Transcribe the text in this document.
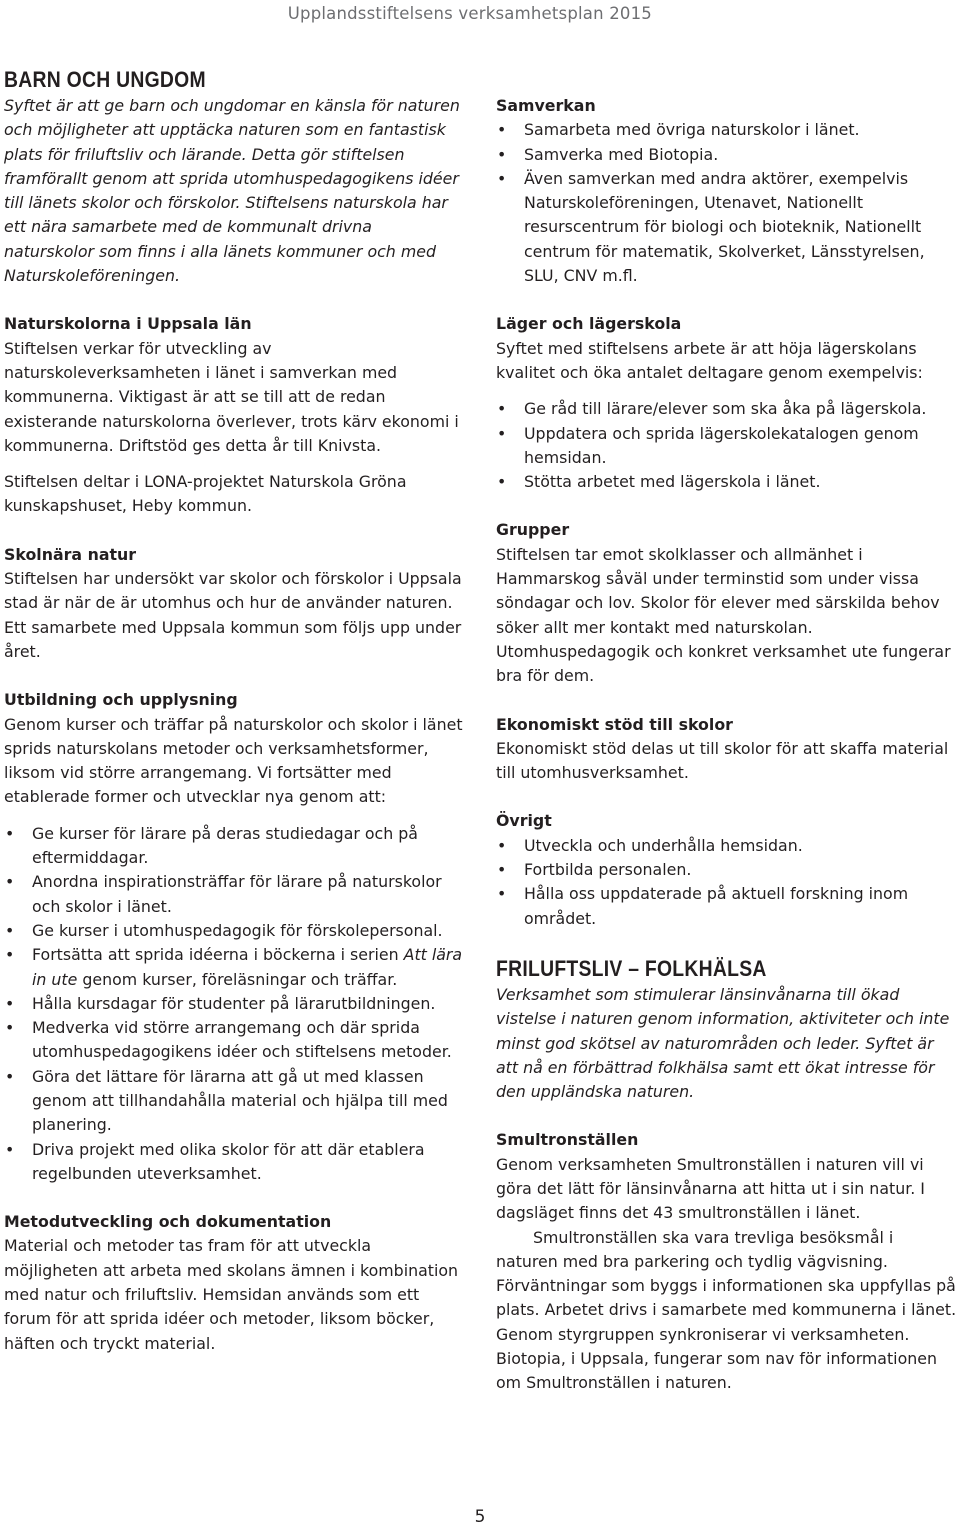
Upplandsstiftelsens verksamhetsplan 2015
BARN OCH UNGDOM

Syftet är att ge barn och ungdomar en känsla för naturen och möjligheter att upptäcka naturen som en fantastisk plats för friluftsliv och lärande. Detta gör stiftelsen framförallt genom att sprida utomhuspedagogikens idéer till länets skolor och förskolor. Stiftelsens naturskola har ett nära samarbete med de kommunalt drivna naturskolor som finns i alla länets kommuner och med Naturskoleföreningen.

Naturskolorna i Uppsala län

Stiftelsen verkar för utveckling av naturskoleverksamheten i länet i samverkan med kommunerna. Viktigast är att se till att de redan existerande naturskolorna överlever, trots kärv ekonomi i kommunerna. Driftstöd ges detta år till Knivsta.

Stiftelsen deltar i LONA-projektet Naturskola Gröna kunskapshuset, Heby kommun.

Skolnära natur

Stiftelsen har undersökt var skolor och förskolor i Uppsala stad är när de är utomhus och hur de använder naturen. Ett samarbete med Uppsala kommun som följs upp under året.

Utbildning och upplysning

Genom kurser och träffar på naturskolor och skolor i länet sprids naturskolans metoder och verksamhetsformer, liksom vid större arrangemang. Vi fortsätter med etablerade former och utvecklar nya genom att:

• Ge kurser för lärare på deras studiedagar och på eftermiddagar.
• Anordna inspirationsträffar för lärare på naturskolor och skolor i länet.
• Ge kurser i utomhuspedagogik för förskolepersonal.
• Fortsätta att sprida idéerna i böckerna i serien Att lära in ute genom kurser, föreläsningar och träffar.
• Hålla kursdagar för studenter på lärarutbildningen.
• Medverka vid större arrangemang och där sprida utomhuspedagogikens idéer och stiftelsens metoder.
• Göra det lättare för lärarna att gå ut med klassen genom att tillhandahålla material och hjälpa till med planering.
• Driva projekt med olika skolor för att där etablera regelbunden uteverksamhet.
Metodutveckling och dokumentation

Material och metoder tas fram för att utveckla möjligheten att arbeta med skolans ämnen i kombination med natur och friluftsliv. Hemsidan används som ett forum för att sprida idéer och metoder, liksom böcker, häften och tryckt material.

Samverkan
• Samarbeta med övriga naturskolor i länet.
• Samverka med Biotopia.
• Även samverkan med andra aktörer, exempelvis Naturskoleföreningen, Utenavet, Nationellt resurscentrum för biologi och bioteknik, Nationellt centrum för matematik, Skolverket, Länsstyrelsen, SLU, CNV m.fl.
Läger och lägerskola

Syftet med stiftelsens arbete är att höja lägerskolans kvalitet och öka antalet deltagare genom exempelvis:

• Ge råd till lärare/elever som ska åka på lägerskola.
• Uppdatera och sprida lägerskolekatalogen genom hemsidan.
• Stötta arbetet med lägerskola i länet.
Grupper

Stiftelsen tar emot skolklasser och allmänhet i Hammarskog såväl under terminstid som under vissa söndagar och lov. Skolor för elever med särskilda behov söker allt mer kontakt med naturskolan. Utomhuspedagogik och konkret verksamhet ute fungerar bra för dem.

Ekonomiskt stöd till skolor

Ekonomiskt stöd delas ut till skolor för att skaffa material till utomhusverksamhet.

Övrigt
• Utveckla och underhålla hemsidan.
• Fortbilda personalen.
• Hålla oss uppdaterade på aktuell forskning inom området.
FRILUFTSLIV – FOLKHÄLSA

Verksamhet som stimulerar länsinvånarna till ökad vistelse i naturen genom information, aktiviteter och inte minst god skötsel av naturområden och leder. Syftet är att nå en förbättrad folkhälsa samt ett ökat intresse för den uppländska naturen.

Smultronställen

Genom verksamheten Smultronställen i naturen vill vi göra det lätt för länsinvånarna att hitta ut i sin natur. I dagsläget finns det 43 smultronställen i länet.

Smultronställen ska vara trevliga besöksmål i naturen med bra parkering och tydlig vägvisning. Förväntningar som byggs i informationen ska uppfyllas på plats. Arbetet drivs i samarbete med kommunerna i länet. Genom styrgruppen synkroniserar vi verksamheten. Biotopia, i Uppsala, fungerar som nav för informationen om Smultronställen i naturen.

5
